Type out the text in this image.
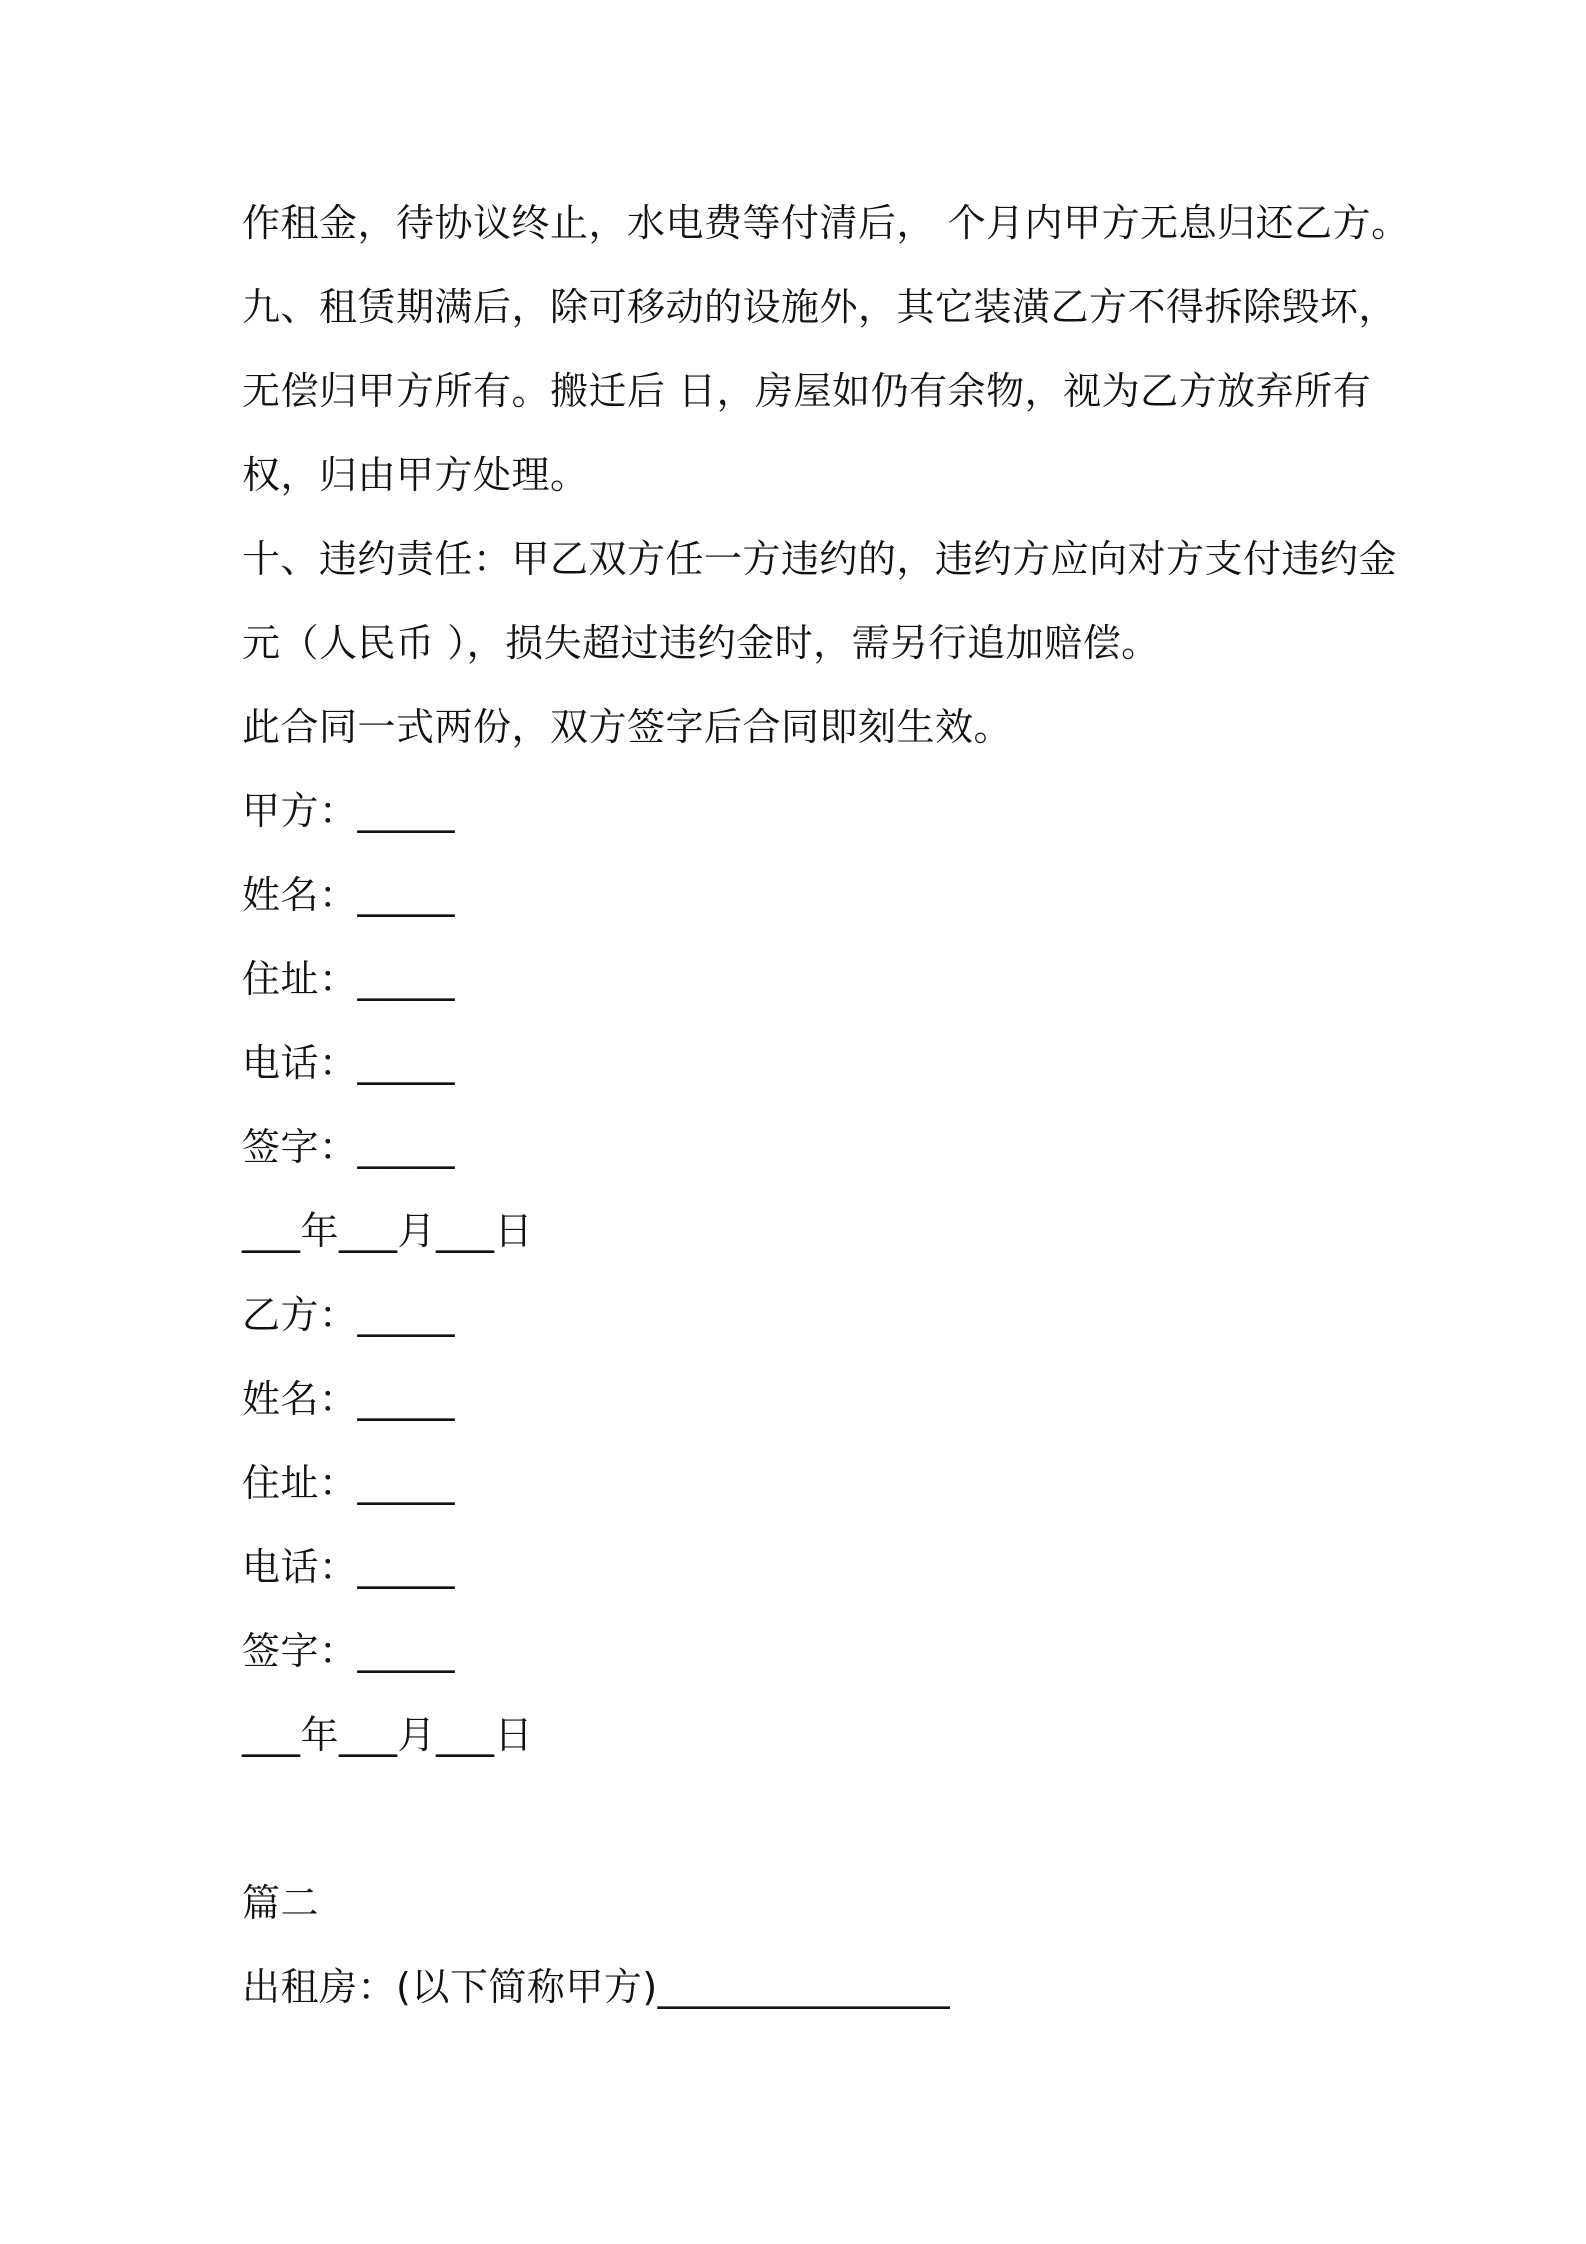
作租金，待协议终止，水电费等付清后， 个月内甲方无息归还乙方。
九、租赁期满后，除可移动的设施外，其它装潢乙方不得拆除毁坏，
无偿归甲方所有。搬迁后 日，房屋如仍有余物，视为乙方放弃所有
权，归由甲方处理。
十、违约责任：甲乙双方任一方违约的，违约方应向对方支付违约金
元（人民币 ），损失超过违约金时，需另行追加赔偿。
此合同一式两份，双方签字后合同即刻生效。
甲方：_____
姓名：_____
住址：_____
电话：_____
签字：_____
___年___月___日
乙方：_____
姓名：_____
住址：_____
电话：_____
签字：_____
___年___月___日
篇二
出租房：(以下简称甲方)_______________
